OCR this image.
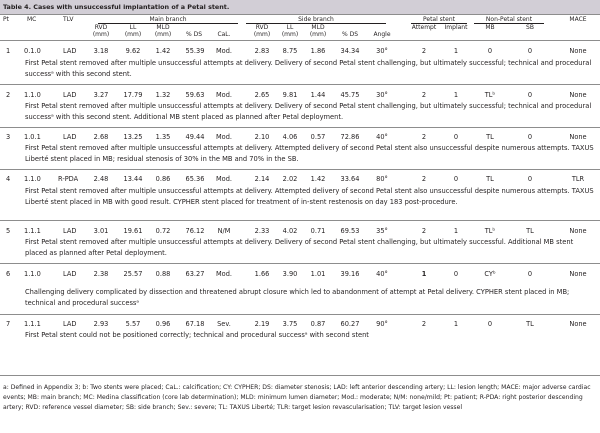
Table 4. Cases with unsuccessful implantation of a Petal stent.
Pt	MC	TLV	Main branch
RVD
(mm)
LL
(mm)
MLD
(mm)	% DS	CaL.
Side branch
RVD
(mm)
LL
(mm)
MLD
(mm)	% DS	Angle
Petal stent
Attempt	Implant
Non-Petal stent
MB	SB
MACE
1 0.1.0	LAD	3.18	9.62	1.42	55.39	Mod.	2.83	8.75	1.86	34.34	30°	2	1	0	0	None
First Petal stent removed after multiple unsuccessful attempts at delivery. Delivery of second Petal stent challenging, but ultimately successful; technical and procedural successᵃ with this second stent.
2 1.1.0	LAD	3.27	17.79	1.32	59.63	Mod.	2.65	9.81	1.44	45.75	30°	2	1	TLᵇ	0	None
First Petal stent removed after multiple unsuccessful attempts at delivery. Delivery of second Petal stent challenging, but ultimately successful; technical and procedural successᵃ with this second stent. Additional MB stent placed as planned after Petal deployment.
3 1.0.1	LAD	2.68	13.25	1.35	49.44	Mod.	2.10	4.06	0.57	72.86	40°	2	0	TL	0	None
First Petal stent removed after multiple unsuccessful attempts at delivery. Attempted delivery of second Petal stent also unsuccessful despite numerous attempts. TAXUS Liberté stent placed in MB; residual stenosis of 30% in the MB and 70% in the SB.
4 1.1.0	R-PDA	2.48	13.44	0.86	65.36	Mod.	2.14	2.02	1.42	33.64	80°	2	0	TL	0	TLR
First Petal stent removed after multiple unsuccessful attempts at delivery. Attempted delivery of second Petal stent also unsuccessful despite numerous attempts. TAXUS Liberté stent placed in MB with good result. CYPHER stent placed for treatment of in-stent restenosis on day 183 post-procedure.
5 1.1.1	LAD	3.01	19.61	0.72	76.12	N/M	2.33	4.02	0.71	69.53	35°	2	1	TLᵇ	TL	None
First Petal stent removed after multiple unsuccessful attempts at delivery. Delivery of second Petal stent challenging, but ultimately successful. Additional MB stent placed as planned after Petal deployment.
6 1.1.0	LAD	2.38	25.57	0.88	63.27	Mod.	1.66	3.90	1.01	39.16	40°	1	0	CYᵇ	0	None
Challenging delivery complicated by dissection and threatened abrupt closure which led to abandonment of attempt at Petal delivery. CYPHER stent placed in MB; technical and procedural successᵃ
7 1.1.1	LAD	2.93	5.57	0.96	67.18	Sev.	2.19	3.75	0.87	60.27	90°	2	1	0	TL	None
First Petal stent could not be positioned correctly; technical and procedural successᵃ with second stent
a: Defined in Appendix 3; b: Two stents were placed; CaL.: calcification; CY: CYPHER; DS: diameter stenosis; LAD: left anterior descending artery; LL: lesion length; MACE: major adverse cardiac events; MB: main branch; MC: Medina classification (core lab determination); MLD: minimum lumen diameter; Mod.: moderate; N/M: none/mild; Pt: patient; R-PDA: right posterior descending artery; RVD: reference vessel diameter; SB: side branch; Sev.: severe; TL: TAXUS Liberté; TLR: target lesion revascularisation; TLV: target lesion vessel
